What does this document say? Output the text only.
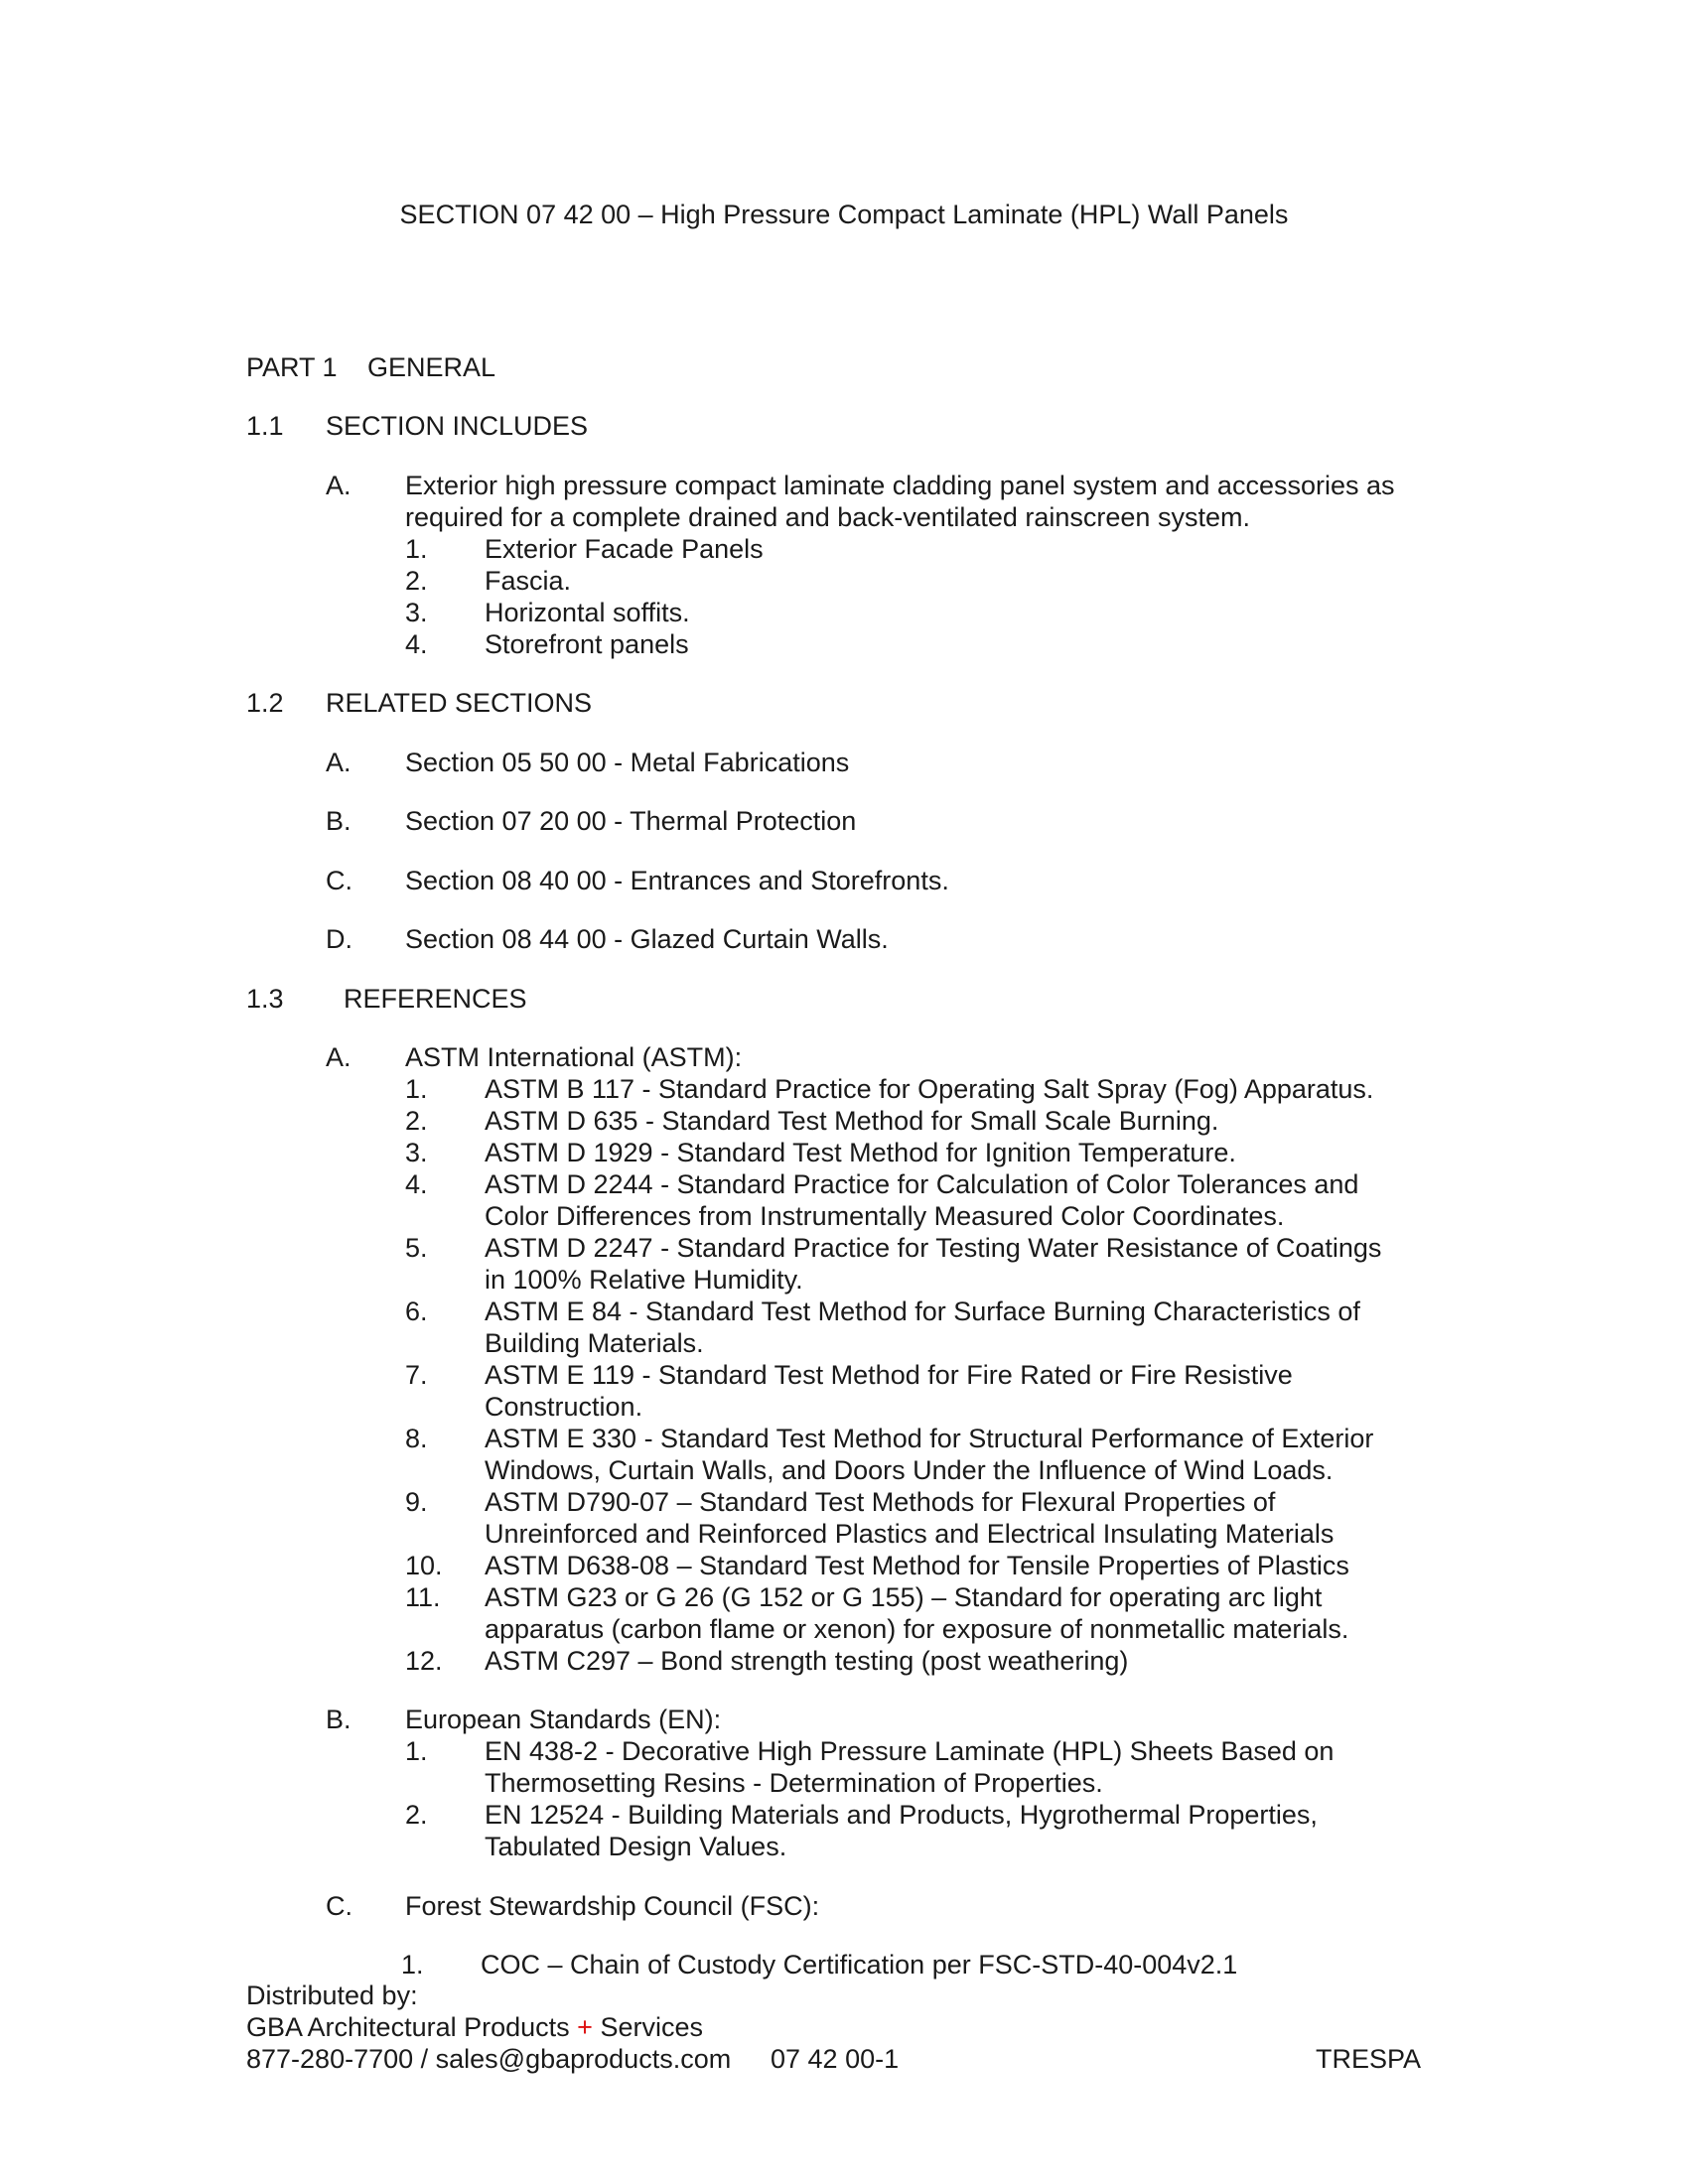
SECTION 07 42 00 – High Pressure Compact Laminate (HPL) Wall Panels
PART 1 GENERAL
1.1 SECTION INCLUDES
A. Exterior high pressure compact laminate cladding panel system and accessories as
required for a complete drained and back-ventilated rainscreen system.
1. Exterior Facade Panels
2. Fascia.
3. Horizontal soffits.
4. Storefront panels
1.2 RELATED SECTIONS
A. Section 05 50 00 - Metal Fabrications
B. Section 07 20 00 - Thermal Protection
C. Section 08 40 00 - Entrances and Storefronts.
D. Section 08 44 00 - Glazed Curtain Walls.
1.3 REFERENCES
A. ASTM International (ASTM):
1. ASTM B 117 - Standard Practice for Operating Salt Spray (Fog) Apparatus.
2. ASTM D 635 - Standard Test Method for Small Scale Burning.
3. ASTM D 1929 - Standard Test Method for Ignition Temperature.
4. ASTM D 2244 - Standard Practice for Calculation of Color Tolerances and
Color Differences from Instrumentally Measured Color Coordinates.
5. ASTM D 2247 - Standard Practice for Testing Water Resistance of Coatings
in 100% Relative Humidity.
6. ASTM E 84 - Standard Test Method for Surface Burning Characteristics of
Building Materials.
7. ASTM E 119 - Standard Test Method for Fire Rated or Fire Resistive
Construction.
8. ASTM E 330 - Standard Test Method for Structural Performance of Exterior
Windows, Curtain Walls, and Doors Under the Influence of Wind Loads.
9. ASTM D790-07 – Standard Test Methods for Flexural Properties of
Unreinforced and Reinforced Plastics and Electrical Insulating Materials
10. ASTM D638-08 – Standard Test Method for Tensile Properties of Plastics
11. ASTM G23 or G 26 (G 152 or G 155) – Standard for operating arc light
apparatus (carbon flame or xenon) for exposure of nonmetallic materials.
12. ASTM C297 – Bond strength testing (post weathering)
B. European Standards (EN):
1. EN 438-2 - Decorative High Pressure Laminate (HPL) Sheets Based on
Thermosetting Resins - Determination of Properties.
2. EN 12524 - Building Materials and Products, Hygrothermal Properties,
Tabulated Design Values.
C. Forest Stewardship Council (FSC):
1. COC – Chain of Custody Certification per FSC-STD-40-004v2.1
Distributed by:
GBA Architectural Products + Services
877-280-7700 / sales@gbaproducts.com 07 42 00-1	TRESPA
